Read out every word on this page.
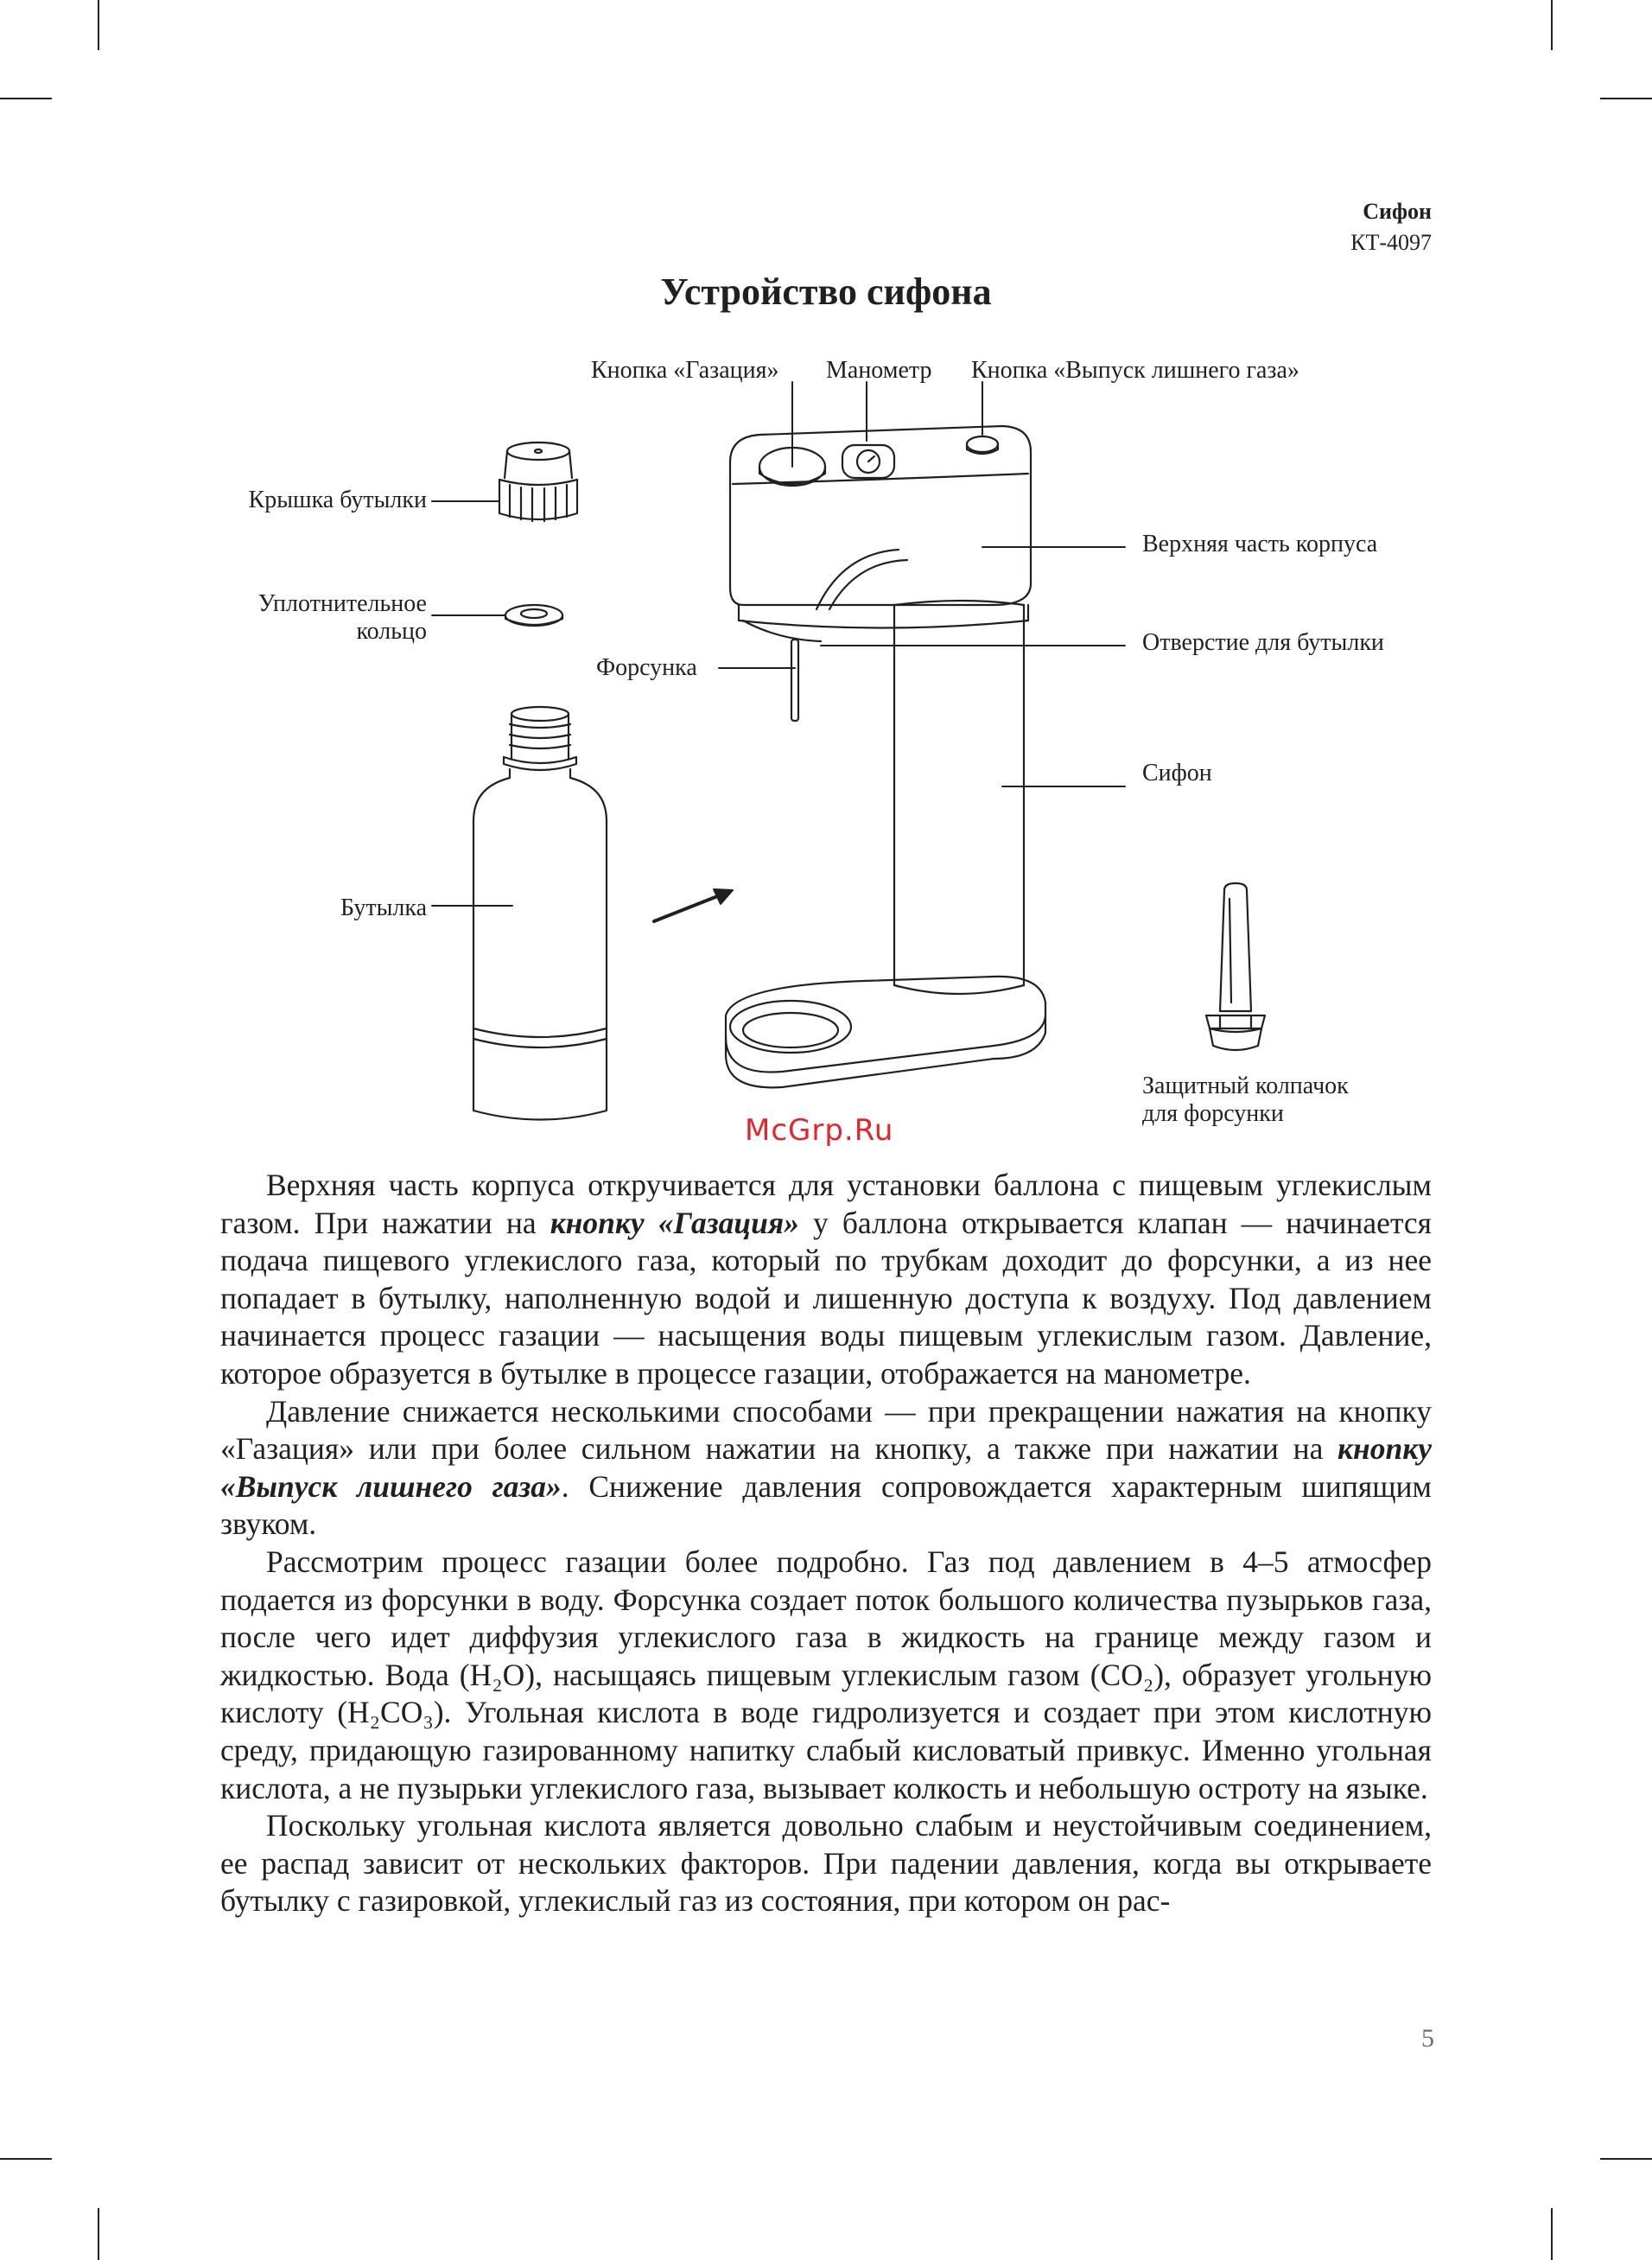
Сифон
КТ-4097
Устройство сифона
Кнопка «Газация» Манометр Кнопка «Выпуск лишнего газа»
Крышка бутылки
Уплотнительное
кольцо
Форсунка
Верхняя часть корпуса
Отверстие для бутылки
Сифон
Бутылка
Защитный колпачок
для форсунки
McGrp.Ru

Верхняя часть корпуса откручивается для установки баллона с пищевым углекислым газом. При нажатии на кнопку «Газация» у баллона открывается клапан — начинается подача пищевого углекислого газа, который по трубкам доходит до форсунки, а из нее попадает в бутылку, наполненную водой и лишенную доступа к воздуху. Под давлением начинается процесс газации — насыщения воды пищевым углекислым газом. Давление, которое образуется в бутылке в процессе газации, отображается на манометре.

Давление снижается несколькими способами — при прекращении нажатия на кнопку «Газация» или при более сильном нажатии на кнопку, а также при нажатии на кнопку «Выпуск лишнего газа». Снижение давления сопровождается характерным шипящим звуком.

Рассмотрим процесс газации более подробно. Газ под давлением в 4–5 атмосфер подается из форсунки в воду. Форсунка создает поток большого количества пузырьков газа, после чего идет диффузия углекислого газа в жидкость на границе между газом и жидкостью. Вода (H₂O), насыщаясь пищевым углекислым газом (CO₂), образует угольную кислоту (H₂CO₃). Угольная кислота в воде гидролизуется и создает при этом кислотную среду, придающую газированному напитку слабый кисловатый привкус. Именно угольная кислота, а не пузырьки углекислого газа, вызывает колкость и небольшую остроту на языке.

Поскольку угольная кислота является довольно слабым и неустойчивым соединением, ее распад зависит от нескольких факторов. При падении давления, когда вы открываете бутылку с газировкой, углекислый газ из состояния, при котором он рас-

5
